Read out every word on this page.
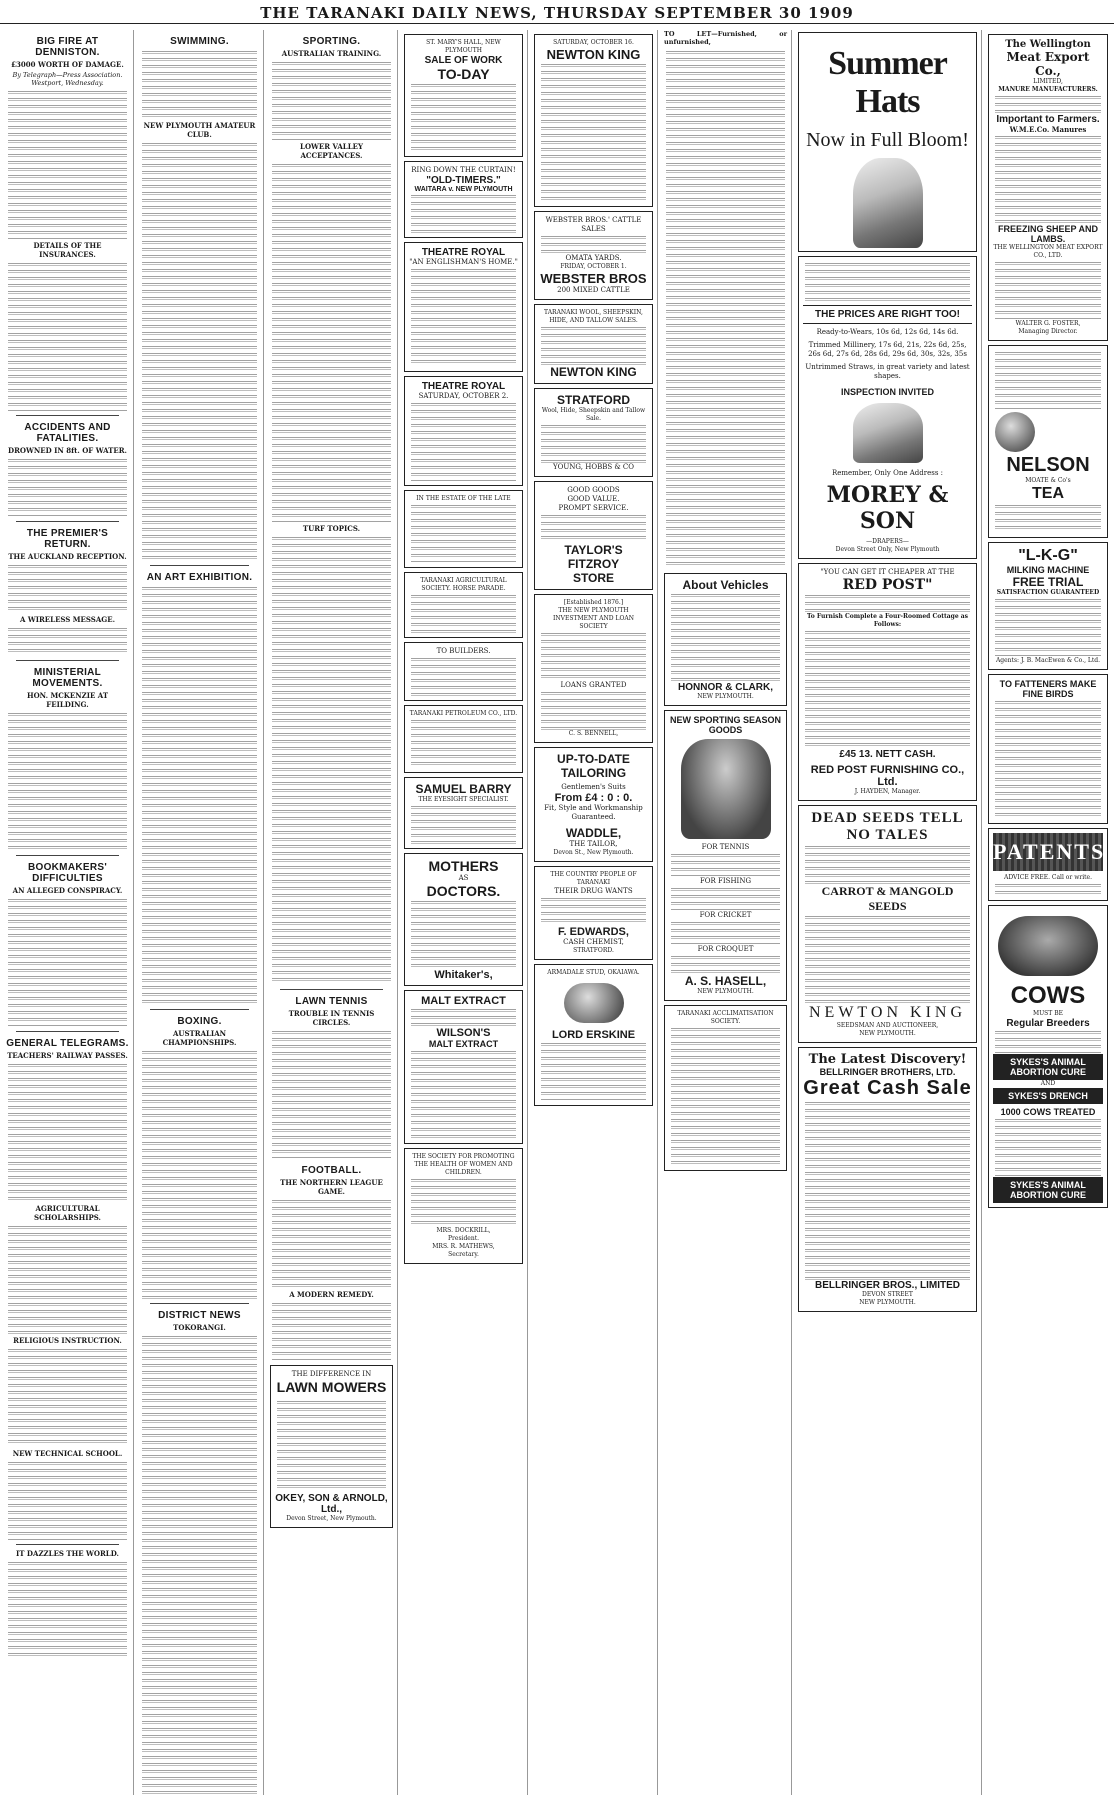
THE TARANAKI DAILY NEWS, THURSDAY SEPTEMBER 30 1909
BIG FIRE AT DENNISTON.
£3000 WORTH OF DAMAGE.
By Telegraph—Press Association. Westport, Wednesday.
DETAILS OF THE INSURANCES.
ACCIDENTS AND FATALITIES.
DROWNED IN 8ft. OF WATER.
THE PREMIER'S RETURN.
THE AUCKLAND RECEPTION.
A WIRELESS MESSAGE.
MINISTERIAL MOVEMENTS.
HON. MCKENZIE AT FEILDING.
BOOKMAKERS' DIFFICULTIES
AN ALLEGED CONSPIRACY.
GENERAL TELEGRAMS.
TEACHERS' RAILWAY PASSES.
AGRICULTURAL SCHOLARSHIPS.
RELIGIOUS INSTRUCTION.
NEW TECHNICAL SCHOOL.
IT DAZZLES THE WORLD.
SWIMMING.
NEW PLYMOUTH AMATEUR CLUB.
AN ART EXHIBITION.
BOXING.
AUSTRALIAN CHAMPIONSHIPS.
DISTRICT NEWS
TOKORANGI.
SPORTING.
AUSTRALIAN TRAINING.
LOWER VALLEY ACCEPTANCES.
TURF TOPICS.
LAWN TENNIS
TROUBLE IN TENNIS CIRCLES.
FOOTBALL.
THE NORTHERN LEAGUE GAME.
A MODERN REMEDY.
THE DIFFERENCE IN
LAWN MOWERS
OKEY, SON & ARNOLD, Ltd.,
Devon Street, New Plymouth.
ST. MARY'S HALL, NEW PLYMOUTH
SALE OF WORK
TO-DAY
RING DOWN THE CURTAIN!
"OLD-TIMERS."
WAITARA v. NEW PLYMOUTH
THEATRE ROYAL
"AN ENGLISHMAN'S HOME."
THEATRE ROYAL
SATURDAY, OCTOBER 2.
IN THE ESTATE OF THE LATE
TARANAKI AGRICULTURAL SOCIETY. HORSE PARADE.
TO BUILDERS.
TARANAKI PETROLEUM CO., LTD.
SAMUEL BARRY
THE EYESIGHT SPECIALIST.
MOTHERS
AS
DOCTORS.
Whitaker's,
MALT EXTRACT
WILSON'S
MALT EXTRACT
THE SOCIETY FOR PROMOTING THE HEALTH OF WOMEN AND CHILDREN.
MRS. DOCKRILL,
President.
MRS. R. MATHEWS,
Secretary.
SATURDAY, OCTOBER 16.
NEWTON KING
WEBSTER BROS.' CATTLE SALES
OMATA YARDS.
FRIDAY, OCTOBER 1.
WEBSTER BROS
200 MIXED CATTLE
TARANAKI WOOL, SHEEPSKIN, HIDE, AND TALLOW SALES.
NEWTON KING
STRATFORD
Wool, Hide, Sheepskin and Tallow Sale.
YOUNG, HOBBS & CO
GOOD GOODS
GOOD VALUE.
PROMPT SERVICE.
TAYLOR'S
FITZROY
STORE
[Established 1876.]
THE NEW PLYMOUTH INVESTMENT AND LOAN SOCIETY
LOANS GRANTED
C. S. BENNELL,
UP-TO-DATE
TAILORING
Gentlemen's Suits
From £4 : 0 : 0.
Fit, Style and Workmanship Guaranteed.
WADDLE,
THE TAILOR,
Devon St., New Plymouth.
THE COUNTRY PEOPLE OF TARANAKI
THEIR DRUG WANTS
F. EDWARDS,
CASH CHEMIST,
STRATFORD.
ARMADALE STUD, OKAIAWA.
LORD ERSKINE
TO LET—Furnished, or unfurnished,
About Vehicles
HONNOR & CLARK,
NEW PLYMOUTH.
NEW SPORTING SEASON GOODS
FOR TENNIS
FOR FISHING
FOR CRICKET
FOR CROQUET
A. S. HASELL,
NEW PLYMOUTH.
TARANAKI ACCLIMATISATION SOCIETY.
Summer Hats
Now in Full Bloom!
THE PRICES ARE RIGHT TOO!
Ready-to-Wears, 10s 6d, 12s 6d, 14s 6d.
Trimmed Millinery, 17s 6d, 21s, 22s 6d, 25s, 26s 6d, 27s 6d, 28s 6d, 29s 6d, 30s, 32s, 35s
Untrimmed Straws, in great variety and latest shapes.
INSPECTION INVITED
Remember, Only One Address :
MOREY & SON
—DRAPERS—
Devon Street Only, New Plymouth
"YOU CAN GET IT CHEAPER AT THE
RED POST"
To Furnish Complete a Four-Roomed Cottage as Follows:
£45 13. NETT CASH.
RED POST FURNISHING CO., Ltd.
J. HAYDEN, Manager.
DEAD SEEDS TELL NO TALES
CARROT & MANGOLD SEEDS
NEWTON KING
SEEDSMAN AND AUCTIONEER,
NEW PLYMOUTH.
The Latest Discovery!
BELLRINGER BROTHERS, LTD.
Great Cash Sale
BELLRINGER BROS., LIMITED
DEVON STREET
NEW PLYMOUTH.
The Wellington
Meat Export Co.,
LIMITED,
MANURE MANUFACTURERS.
Important to Farmers.
W.M.E.Co. Manures
FREEZING SHEEP AND LAMBS.
THE WELLINGTON MEAT EXPORT CO., LTD.
WALTER G. FOSTER,
Managing Director.
NELSON
MOATE & Co's
TEA
"L-K-G"
MILKING MACHINE
FREE TRIAL
SATISFACTION GUARANTEED
Agents: J. B. MacEwen & Co., Ltd.
TO FATTENERS MAKE FINE BIRDS
PATENTS
ADVICE FREE. Call or write.
COWS
MUST BE
Regular Breeders
SYKES'S ANIMAL ABORTION CURE
AND
SYKES'S DRENCH
1000 COWS TREATED
SYKES'S ANIMAL ABORTION CURE
